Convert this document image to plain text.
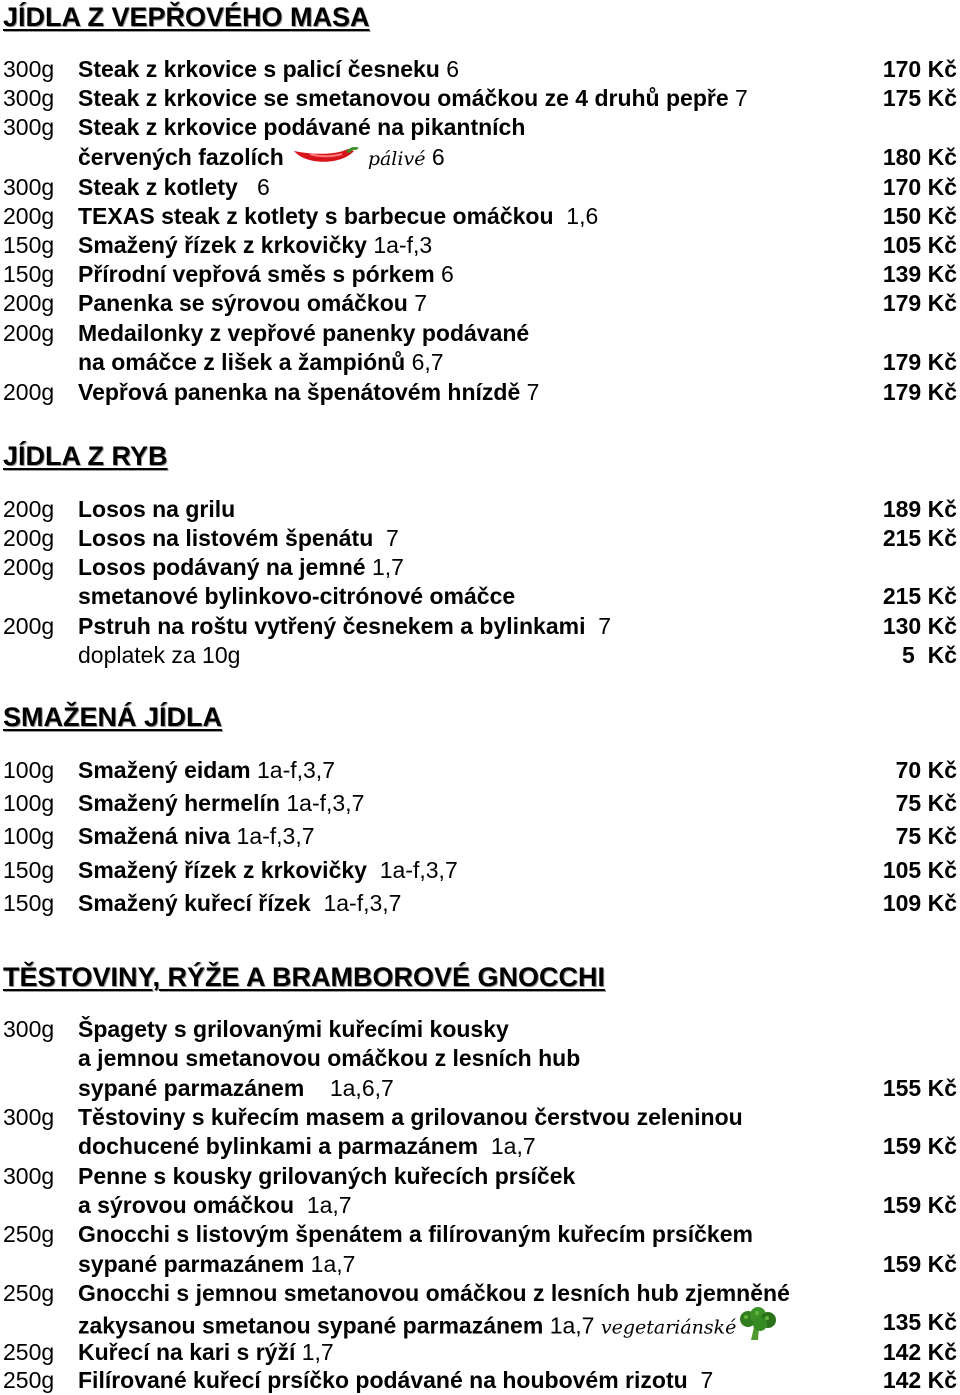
JÍDLA Z VEPŘOVÉHO MASA
300g Steak z krkovice s palicí česneku 6	170 Kč
300g Steak z krkovice se smetanovou omáčkou ze 4 druhů pepře 7	175 Kč
300g Steak z krkovice podávané na pikantních
červených fazolích	pálivé 6	180 Kč
300g Steak z kotlety 6	170 Kč
200g TEXAS steak z kotlety s barbecue omáčkou 1,6	150 Kč
150g Smažený řízek z krkovičky 1a-f,3	105 Kč
150g Přírodní vepřová směs s pórkem 6	139 Kč
200g Panenka se sýrovou omáčkou 7	179 Kč
200g Medailonky z vepřové panenky podávané
na omáčce z lišek a žampiónů 6,7	179 Kč
200g Vepřová panenka na špenátovém hnízdě 7	179 Kč
JÍDLA Z RYB
200g Losos na grilu	189 Kč
200g Losos na listovém špenátu 7	215 Kč
200g Losos podávaný na jemné 1,7
smetanové bylinkovo-citrónové omáčce	215 Kč
200g Pstruh na roštu vytřený česnekem a bylinkami 7	130 Kč
doplatek za 10g	5  Kč
SMAŽENÁ JÍDLA
100g Smažený eidam 1a-f,3,7	70 Kč
100g Smažený hermelín 1a-f,3,7	75 Kč
100g Smažená niva 1a-f,3,7	75 Kč
150g Smažený řízek z krkovičky 1a-f,3,7	105 Kč
150g Smažený kuřecí řízek 1a-f,3,7	109 Kč
TĚSTOVINY, RÝŽE A BRAMBOROVÉ GNOCCHI
300g Špagety s grilovanými kuřecími kousky
a jemnou smetanovou omáčkou z lesních hub
sypané parmazánem 1a,6,7	155 Kč
300g Těstoviny s kuřecím masem a grilovanou čerstvou zeleninou
dochucené bylinkami a parmazánem 1a,7	159 Kč
300g Penne s kousky grilovaných kuřecích prsíček
a sýrovou omáčkou 1a,7	159 Kč
250g Gnocchi s listovým špenátem a filírovaným kuřecím prsíčkem
sypané parmazánem 1a,7	159 Kč
250g Gnocchi s jemnou smetanovou omáčkou z lesních hub zjemněné
zakysanou smetanou sypané parmazánem 1a,7 vegetariánské	135 Kč
250g Kuřecí na kari s rýží 1,7	142 Kč
250g Filírované kuřecí prsíčko podávané na houbovém rizotu 7	142 Kč
